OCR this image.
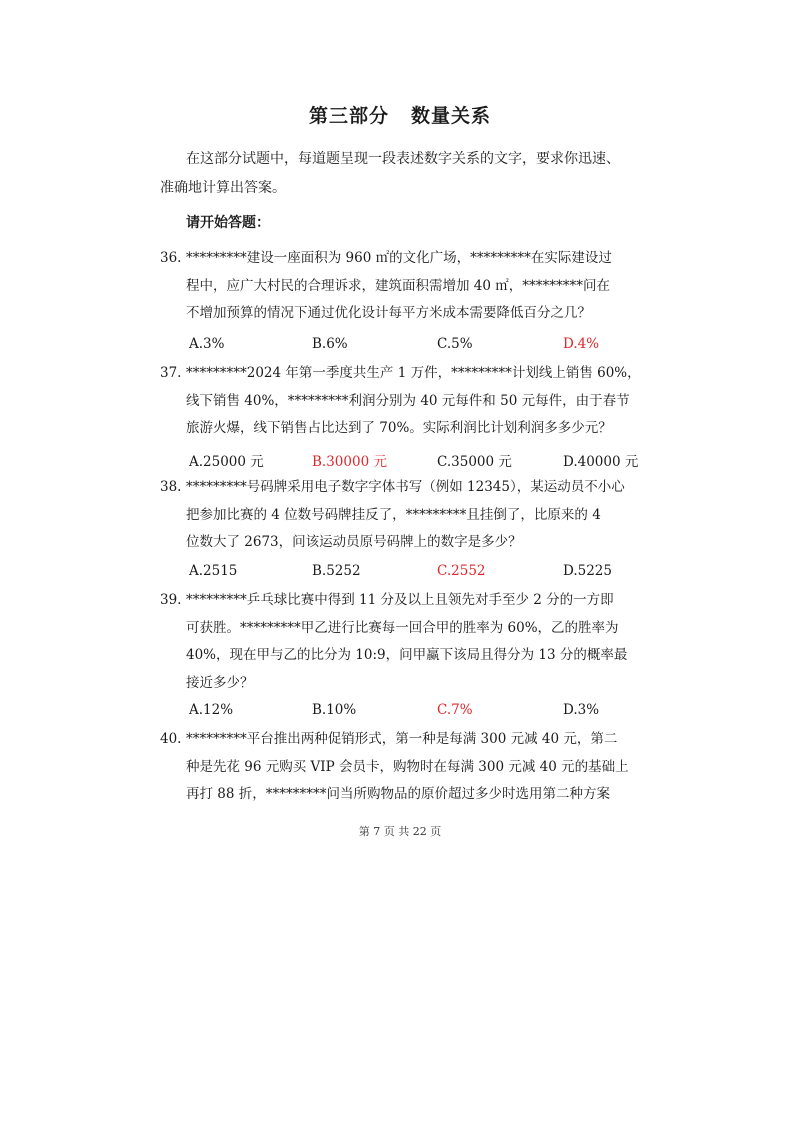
第三部分 数量关系
在这部分试题中，每道题呈现一段表述数字关系的文字，要求你迅速、
准确地计算出答案。
请开始答题：
36. *********建设一座面积为 960 ㎡的文化广场，*********在实际建设过
程中，应广大村民的合理诉求，建筑面积需增加 40 ㎡，*********问在
不增加预算的情况下通过优化设计每平方米成本需要降低百分之几？
A.3%	B.6%	C.5%	D.4%
37. *********2024 年第一季度共生产 1 万件，*********计划线上销售 60%，
线下销售 40%，*********利润分别为 40 元每件和 50 元每件，由于春节
旅游火爆，线下销售占比达到了 70%。实际利润比计划利润多多少元？
A.25000 元	B.30000 元	C.35000 元	D.40000 元
38. *********号码牌采用电子数字字体书写（例如 12345），某运动员不小心
把参加比赛的 4 位数号码牌挂反了，*********且挂倒了，比原来的 4
位数大了 2673，问该运动员原号码牌上的数字是多少？
A.2515	B.5252	C.2552	D.5225
39. *********乒乓球比赛中得到 11 分及以上且领先对手至少 2 分的一方即
可获胜。*********甲乙进行比赛每一回合甲的胜率为 60%，乙的胜率为
40%，现在甲与乙的比分为 10:9，问甲赢下该局且得分为 13 分的概率最
接近多少？
A.12%	B.10%	C.7%	D.3%
40. *********平台推出两种促销形式，第一种是每满 300 元减 40 元，第二
种是先花 96 元购买 VIP 会员卡，购物时在每满 300 元减 40 元的基础上
再打 88 折，*********问当所购物品的原价超过多少时选用第二种方案
第 7 页 共 22 页
